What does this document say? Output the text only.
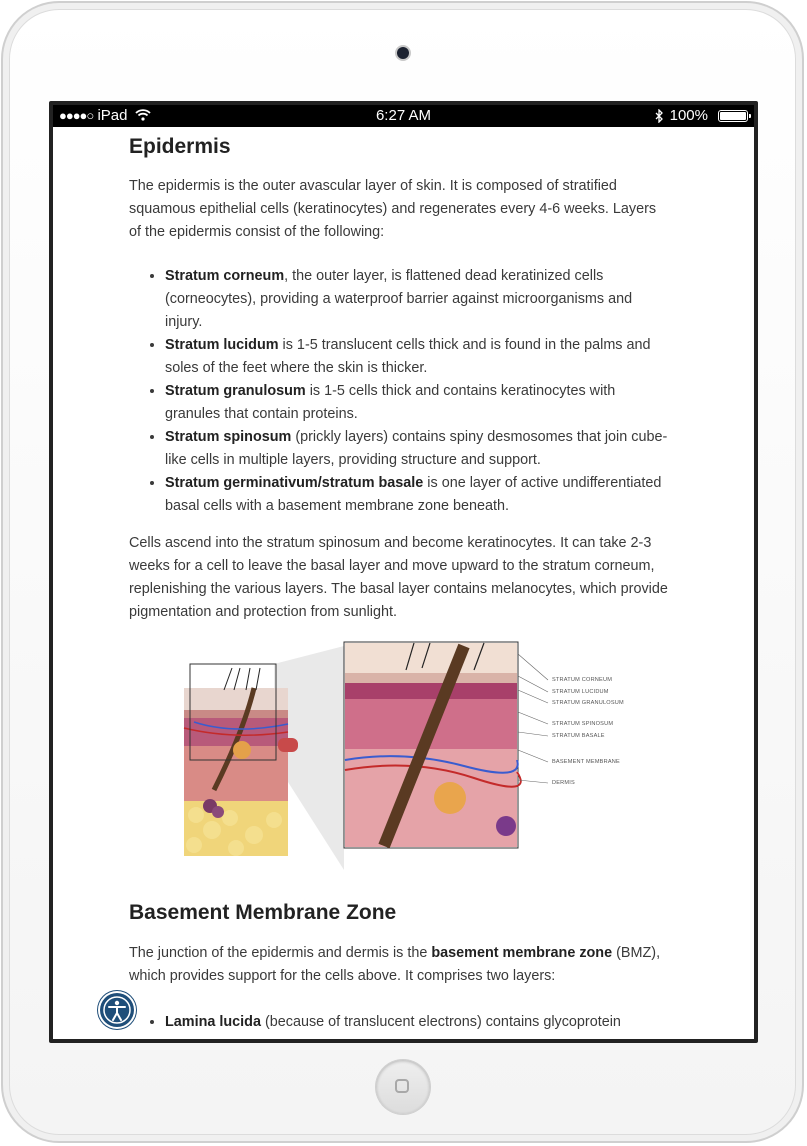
●●●●○ iPad	6:27 AM	100%
Epidermis

The epidermis is the outer avascular layer of skin. It is composed of stratified squamous epithelial cells (keratinocytes) and regenerates every 4-6 weeks. Layers of the epidermis consist of the following:

• Stratum corneum, the outer layer, is flattened dead keratinized cells (corneocytes), providing a waterproof barrier against microorganisms and injury.
• Stratum lucidum is 1-5 translucent cells thick and is found in the palms and soles of the feet where the skin is thicker.
• Stratum granulosum is 1-5 cells thick and contains keratinocytes with granules that contain proteins.
• Stratum spinosum (prickly layers) contains spiny desmosomes that join cube-like cells in multiple layers, providing structure and support.
• Stratum germinativum/stratum basale is one layer of active undifferentiated basal cells with a basement membrane zone beneath.

Cells ascend into the stratum spinosum and become keratinocytes. It can take 2-3 weeks for a cell to leave the basal layer and move upward to the stratum corneum, replenishing the various layers. The basal layer contains melanocytes, which provide pigmentation and protection from sunlight.

STRATUM CORNEUM
STRATUM LUCIDUM
STRATUM GRANULOSUM
STRATUM SPINOSUM
STRATUM BASALE
BASEMENT MEMBRANE
DERMIS
Basement Membrane Zone

The junction of the epidermis and dermis is the basement membrane zone (BMZ), which provides support for the cells above. It comprises two layers:

• Lamina lucida (because of translucent electrons) contains glycoprotein
